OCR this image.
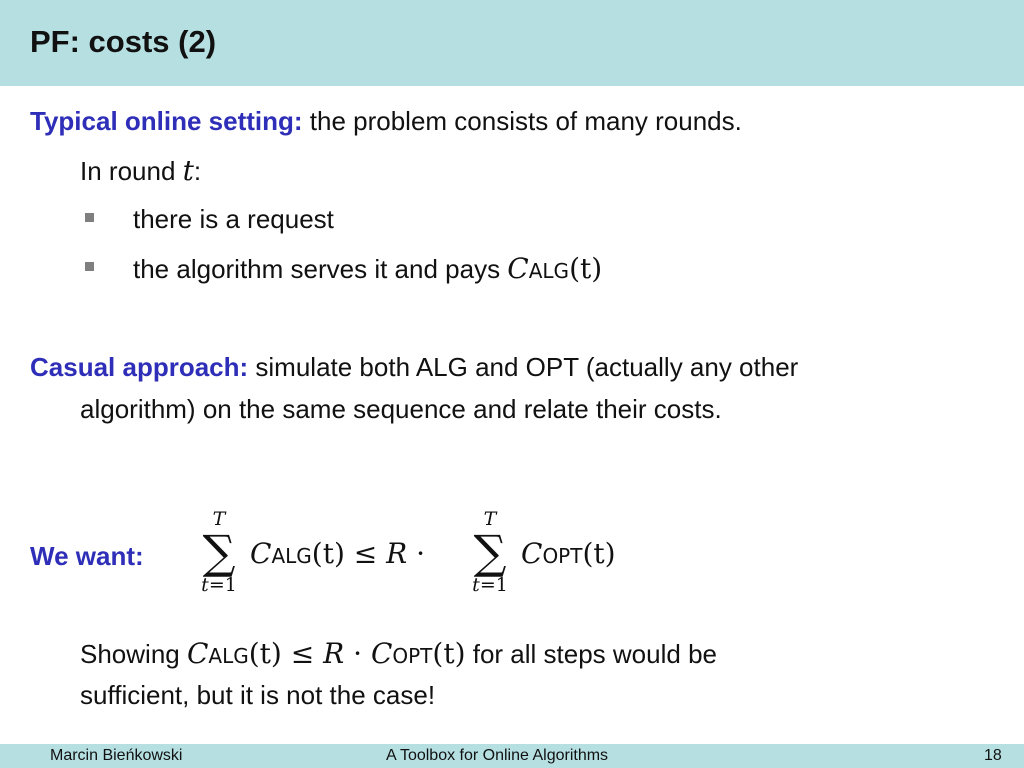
PF: costs (2)
Typical online setting: the problem consists of many rounds.
In round t:
there is a request
the algorithm serves it and pays CALG(t)
Casual approach: simulate both ALG and OPT (actually any other
algorithm) on the same sequence and relate their costs.
We want:
T
∑
t=1
CALG(t) ≤ R ·
T
∑
t=1
COPT(t)
Showing CALG(t) ≤ R · COPT(t) for all steps would be
sufficient, but it is not the case!
Marcin Bieńkowski	A Toolbox for Online Algorithms	18
